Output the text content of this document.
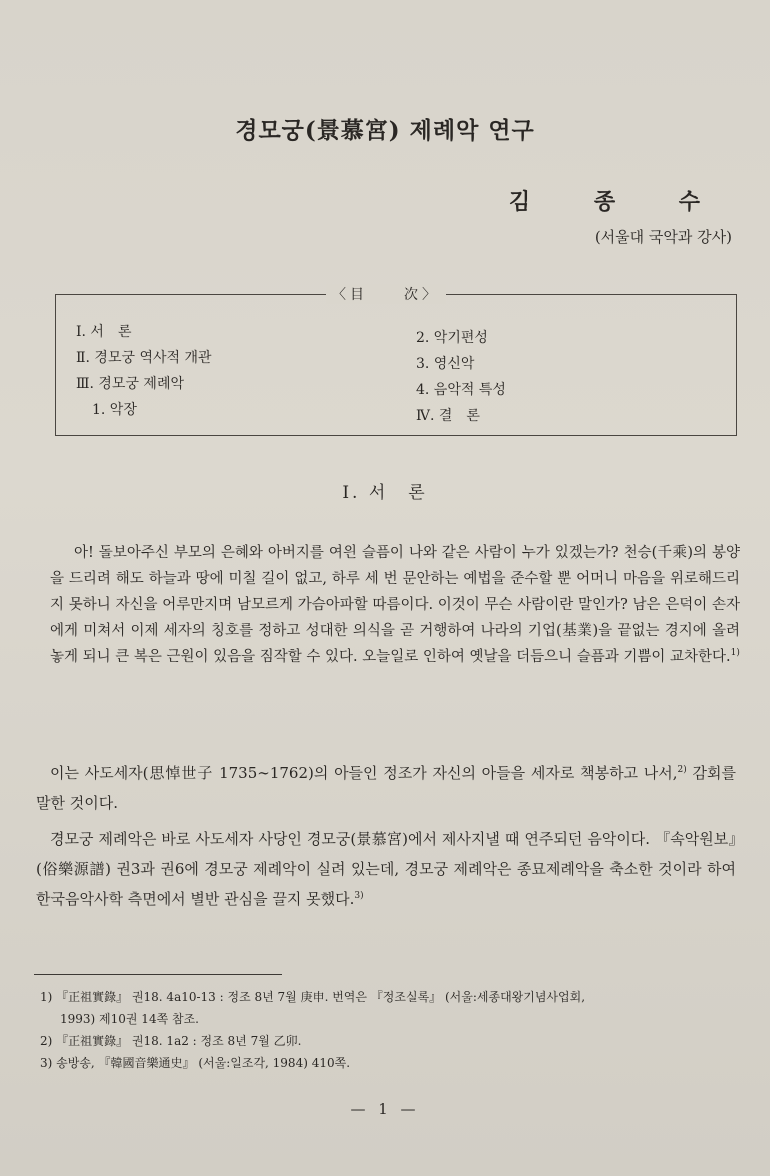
경모궁(景慕宮) 제례악 연구
김 종 수
(서울대 국악과 강사)
〈目　　次〉
Ⅰ. 서　론
Ⅱ. 경모궁 역사적 개관
Ⅲ. 경모궁 제례악
1. 악장
2. 악기편성
3. 영신악
4. 음악적 특성
Ⅳ. 결　론
Ⅰ. 서　론

아! 돌보아주신 부모의 은혜와 아버지를 여읜 슬픔이 나와 같은 사람이 누가 있겠는가? 천승(千乘)의 봉양을 드리려 해도 하늘과 땅에 미칠 길이 없고, 하루 세 번 문안하는 예법을 준수할 뿐 어머니 마음을 위로해드리지 못하니 자신을 어루만지며 남모르게 가슴아파할 따름이다. 이것이 무슨 사람이란 말인가? 남은 은덕이 손자에게 미쳐서 이제 세자의 칭호를 정하고 성대한 의식을 곧 거행하여 나라의 기업(基業)을 끝없는 경지에 올려놓게 되니 큰 복은 근원이 있음을 짐작할 수 있다. 오늘일로 인하여 옛날을 더듬으니 슬픔과 기쁨이 교차한다.$^{1)}$

이는 사도세자(思悼世子 1735∼1762)의 아들인 정조가 자신의 아들을 세자로 책봉하고 나서,$^{2)}$ 감회를 말한 것이다.

경모궁 제례악은 바로 사도세자 사당인 경모궁(景慕宮)에서 제사지낼 때 연주되던 음악이다. 『속악원보』(俗樂源譜) 권3과 권6에 경모궁 제례악이 실려 있는데, 경모궁 제례악은 종묘제례악을 축소한 것이라 하여 한국음악사학 측면에서 별반 관심을 끌지 못했다.$^{3)}$

1) 『正祖實錄』 권18. 4a10-13 : 정조 8년 7월 庚申. 번역은 『정조실록』 (서울:세종대왕기념사업회,
1993) 제10권 14쪽 참조.
2) 『正祖實錄』 권18. 1a2 : 정조 8년 7월 乙卯.
3) 송방송, 『韓國音樂通史』 (서울:일조각, 1984) 410쪽.
— 1 —
